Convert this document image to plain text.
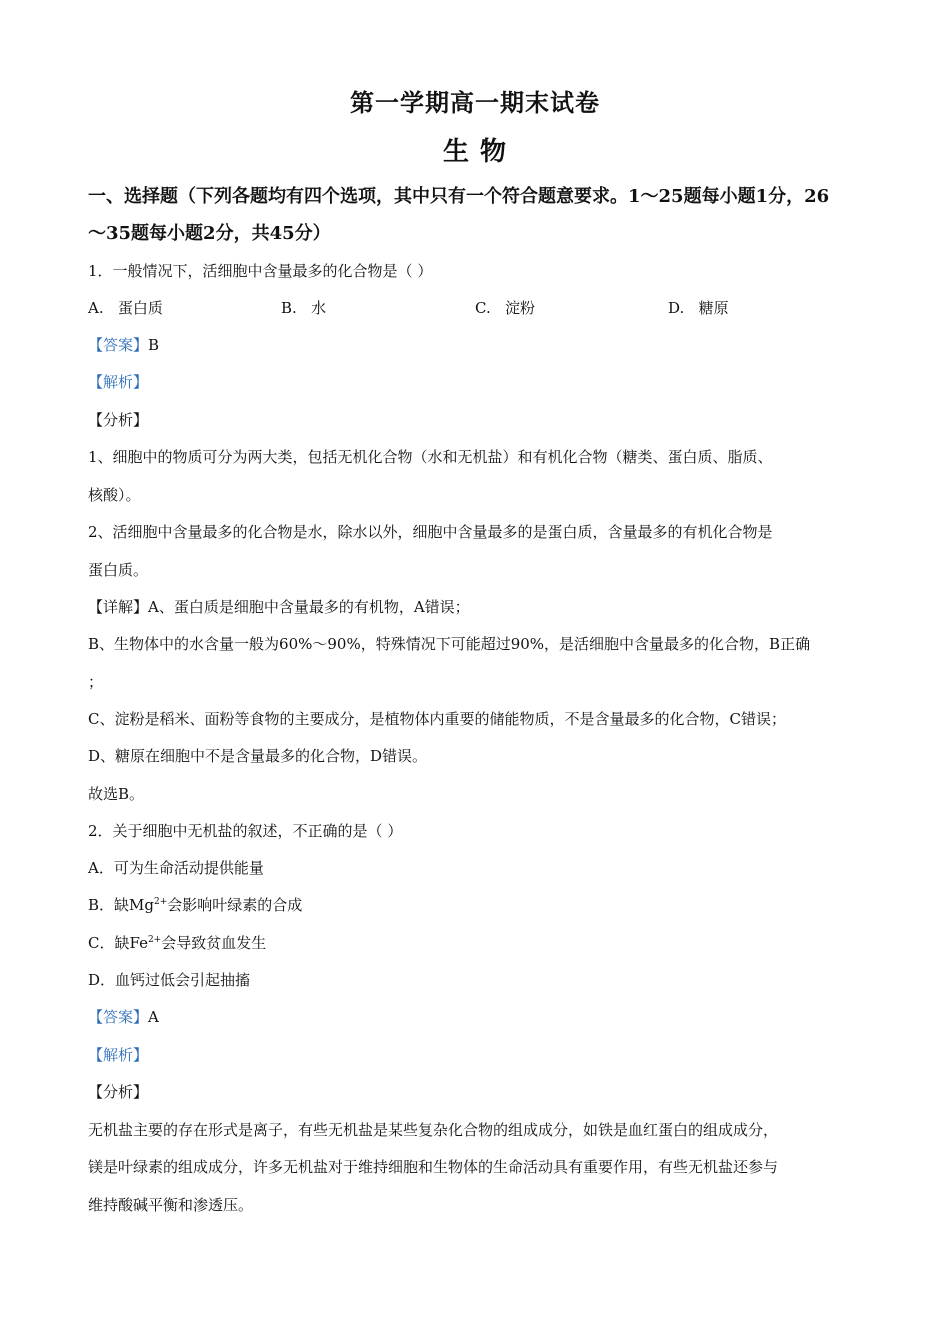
第一学期高一期末试卷
生 物
一、选择题（下列各题均有四个选项，其中只有一个符合题意要求。1～25题每小题1分，26
～35题每小题2分，共45分）
1．一般情况下，活细胞中含量最多的化合物是（ ）
A. 蛋白质	B. 水	C. 淀粉	D. 糖原
【答案】B
【解析】
【分析】
1、细胞中的物质可分为两大类，包括无机化合物（水和无机盐）和有机化合物（糖类、蛋白质、脂质、
核酸）。
2、活细胞中含量最多的化合物是水，除水以外，细胞中含量最多的是蛋白质，含量最多的有机化合物是
蛋白质。
【详解】A、蛋白质是细胞中含量最多的有机物，A错误；
B、生物体中的水含量一般为60%～90%，特殊情况下可能超过90%，是活细胞中含量最多的化合物，B正确
；
C、淀粉是稻米、面粉等食物的主要成分，是植物体内重要的储能物质，不是含量最多的化合物，C错误；
D、糖原在细胞中不是含量最多的化合物，D错误。
故选B。
2．关于细胞中无机盐的叙述，不正确的是（ ）
A．可为生命活动提供能量
B．缺$Mg^{2+}$会影响叶绿素的合成
C．缺$Fe^{2+}$会导致贫血发生
D．血钙过低会引起抽搐
【答案】A
【解析】
【分析】
无机盐主要的存在形式是离子，有些无机盐是某些复杂化合物的组成成分，如铁是血红蛋白的组成成分，
镁是叶绿素的组成成分，许多无机盐对于维持细胞和生物体的生命活动具有重要作用，有些无机盐还参与
维持酸碱平衡和渗透压。
